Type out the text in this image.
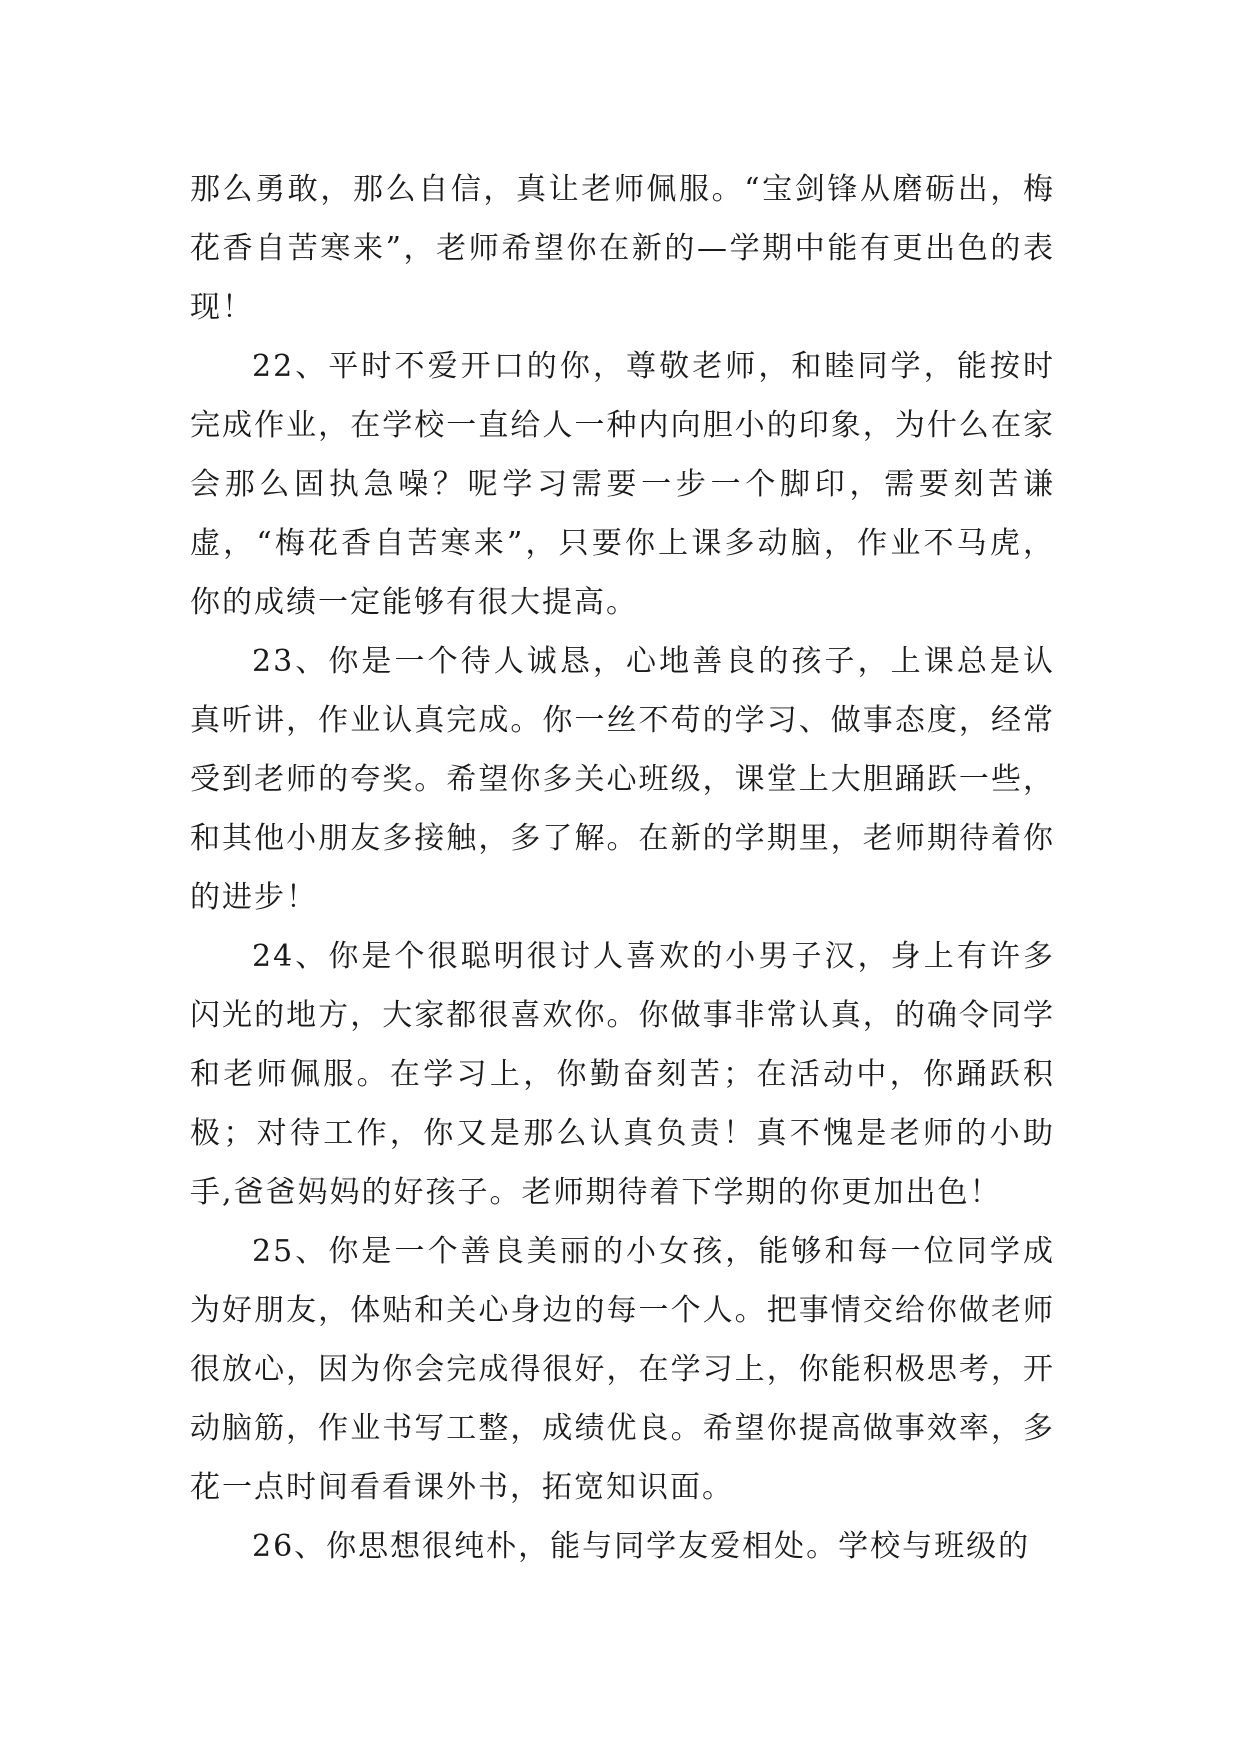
那么勇敢，那么自信，真让老师佩服。“宝剑锋从磨砺出，梅花香自苦寒来”，老师希望你在新的—学期中能有更出色的表现！

22、平时不爱开口的你，尊敬老师，和睦同学，能按时完成作业，在学校一直给人一种内向胆小的印象，为什么在家会那么固执急噪？呢学习需要一步一个脚印，需要刻苦谦虚，“梅花香自苦寒来”，只要你上课多动脑，作业不马虎，你的成绩一定能够有很大提高。

23、你是一个待人诚恳，心地善良的孩子，上课总是认真听讲，作业认真完成。你一丝不苟的学习、做事态度，经常受到老师的夸奖。希望你多关心班级，课堂上大胆踊跃一些，和其他小朋友多接触，多了解。在新的学期里，老师期待着你的进步！

24、你是个很聪明很讨人喜欢的小男子汉，身上有许多闪光的地方，大家都很喜欢你。你做事非常认真，的确令同学和老师佩服。在学习上，你勤奋刻苦；在活动中，你踊跃积极；对待工作，你又是那么认真负责！真不愧是老师的小助手,爸爸妈妈的好孩子。老师期待着下学期的你更加出色！

25、你是一个善良美丽的小女孩，能够和每一位同学成为好朋友，体贴和关心身边的每一个人。把事情交给你做老师很放心，因为你会完成得很好，在学习上，你能积极思考，开动脑筋，作业书写工整，成绩优良。希望你提高做事效率，多花一点时间看看课外书，拓宽知识面。

26、你思想很纯朴，能与同学友爱相处。学校与班级的
